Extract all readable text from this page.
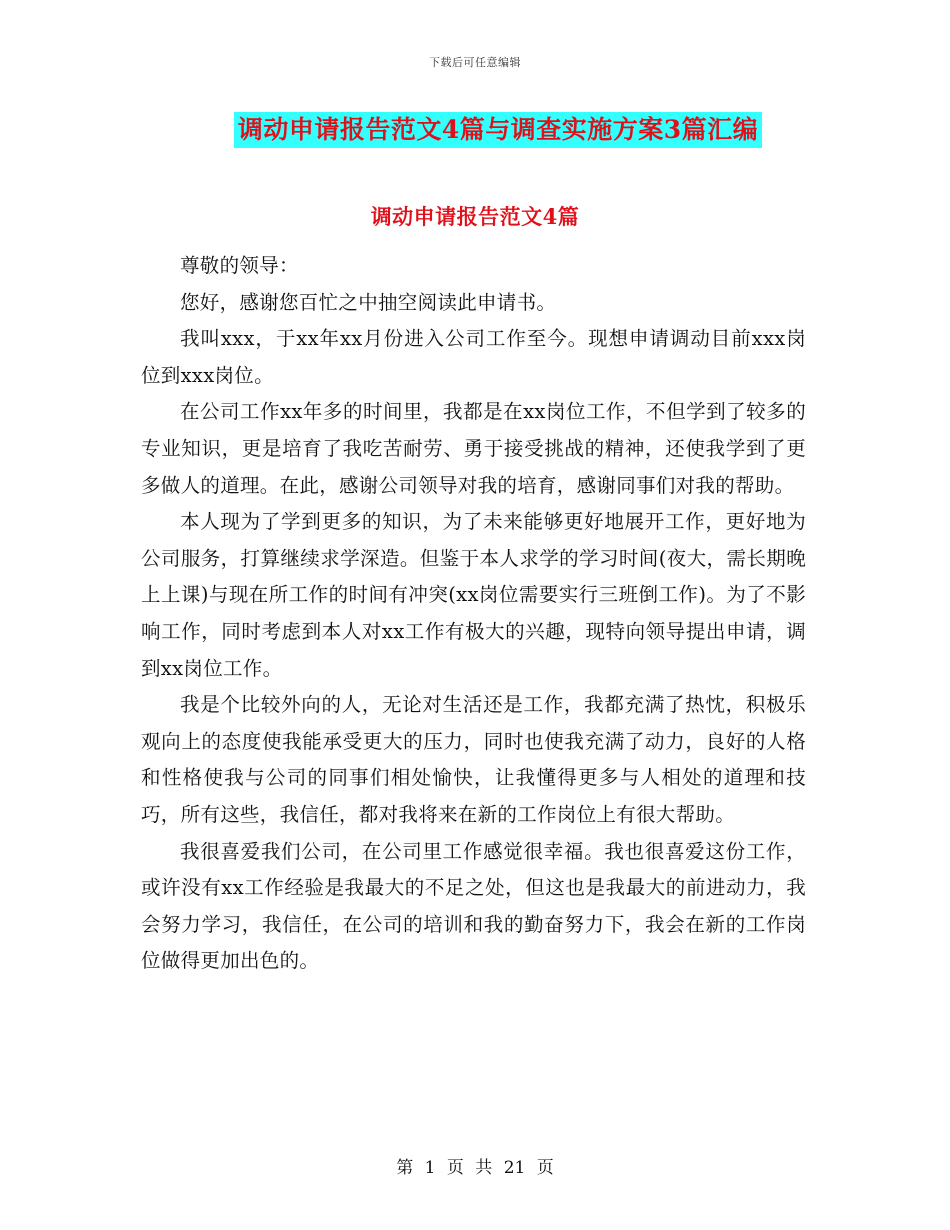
下载后可任意编辑
调动申请报告范文4篇与调查实施方案3篇汇编
调动申请报告范文4篇

尊敬的领导：

您好，感谢您百忙之中抽空阅读此申请书。

我叫xxx，于xx年xx月份进入公司工作至今。现想申请调动目前xxx岗位到xxx岗位。

在公司工作xx年多的时间里，我都是在xx岗位工作，不但学到了较多的专业知识，更是培育了我吃苦耐劳、勇于接受挑战的精神，还使我学到了更多做人的道理。在此，感谢公司领导对我的培育，感谢同事们对我的帮助。

本人现为了学到更多的知识，为了未来能够更好地展开工作，更好地为公司服务，打算继续求学深造。但鉴于本人求学的学习时间(夜大，需长期晚上上课)与现在所工作的时间有冲突(xx岗位需要实行三班倒工作)。为了不影响工作，同时考虑到本人对xx工作有极大的兴趣，现特向领导提出申请，调到xx岗位工作。

我是个比较外向的人，无论对生活还是工作，我都充满了热忱，积极乐观向上的态度使我能承受更大的压力，同时也使我充满了动力，良好的人格和性格使我与公司的同事们相处愉快，让我懂得更多与人相处的道理和技巧，所有这些，我信任，都对我将来在新的工作岗位上有很大帮助。

我很喜爱我们公司，在公司里工作感觉很幸福。我也很喜爱这份工作，或许没有xx工作经验是我最大的不足之处，但这也是我最大的前进动力，我会努力学习，我信任，在公司的培训和我的勤奋努力下，我会在新的工作岗位做得更加出色的。

第 1 页 共 21 页
